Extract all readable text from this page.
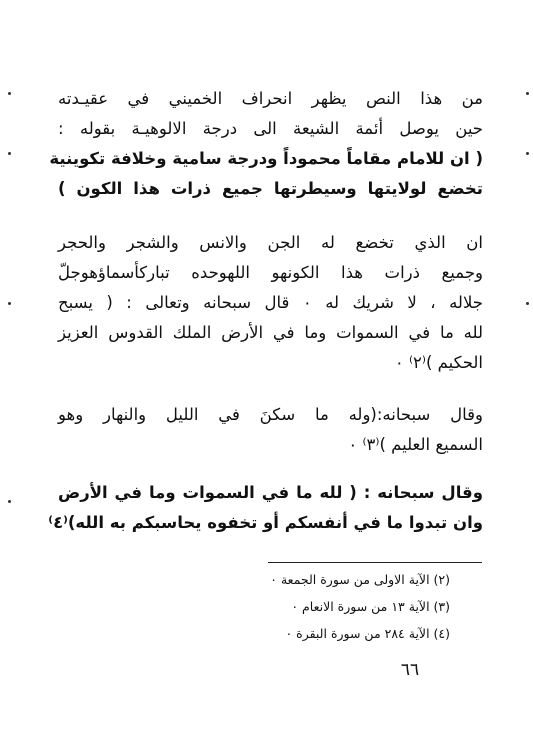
من هذا النص يظهر انحراف الخميني في عقيـدته
حين يوصل أئمة الشيعة الى درجة الالوهيـة بقوله :
( ان للامام مقاماً محموداً ودرجة سامية وخلافة تكوينية
تخضع لولايتها وسيطرتها جميع ذرات هذا الكون )
ان الذي تخضع له الجن والانس والشجر والحجر
وجميع ذرات هذا الكونهو اللهوحده تباركأسماؤهوجلّ
جلاله ، لا شريك له ٠ قال سبحانه وتعالى : ( يسبح
لله ما في السموات وما في الأرض الملك القدوس العزيز
الحكيم )⁽٢⁾ ٠
وقال سبحانه:(وله ما سكنَ في الليل والنهار وهو
السميع العليم )⁽٣⁾ ٠
وقال سبحانه : ( لله ما في السموات وما في الأرض
وان تبدوا ما في أنفسكم أو تخفوه يحاسبكم به الله)⁽٤⁾
(٢) الآية الاولى من سورة الجمعة ٠
(٣) الآية ١٣ من سورة الانعام ٠
(٤) الآية ٢٨٤ من سورة البقرة ٠
٦٦
